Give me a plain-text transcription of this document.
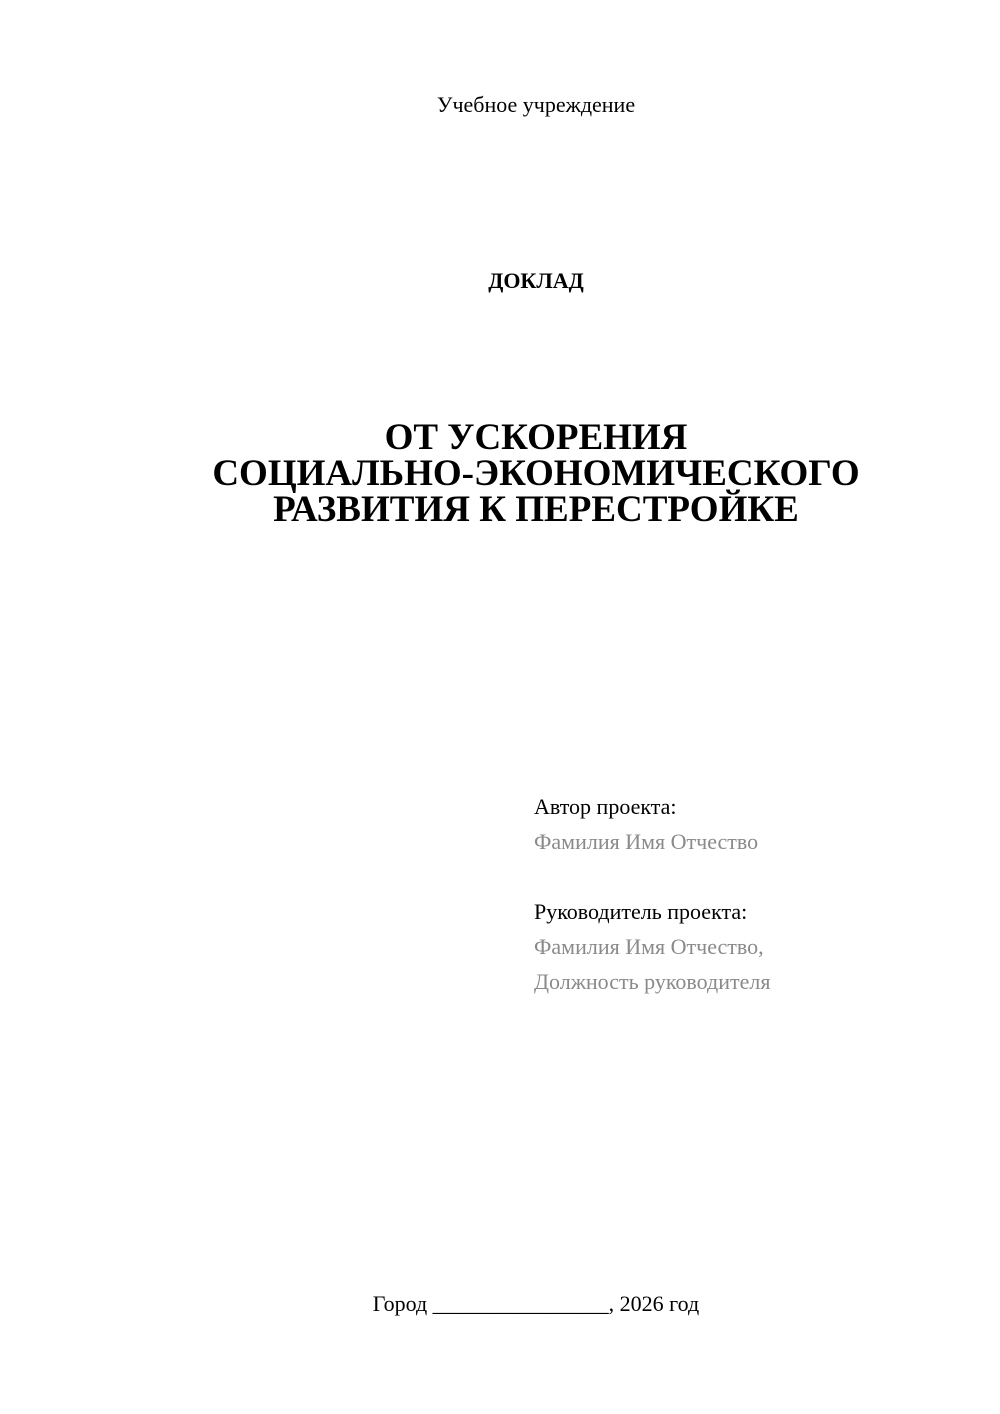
Учебное учреждение
ДОКЛАД
ОТ УСКОРЕНИЯ
СОЦИАЛЬНО-ЭКОНОМИЧЕСКОГО
РАЗВИТИЯ К ПЕРЕСТРОЙКЕ
Автор проекта:
Фамилия Имя Отчество
Руководитель проекта:
Фамилия Имя Отчество,
Должность руководителя
Город ________________, 2026 год
